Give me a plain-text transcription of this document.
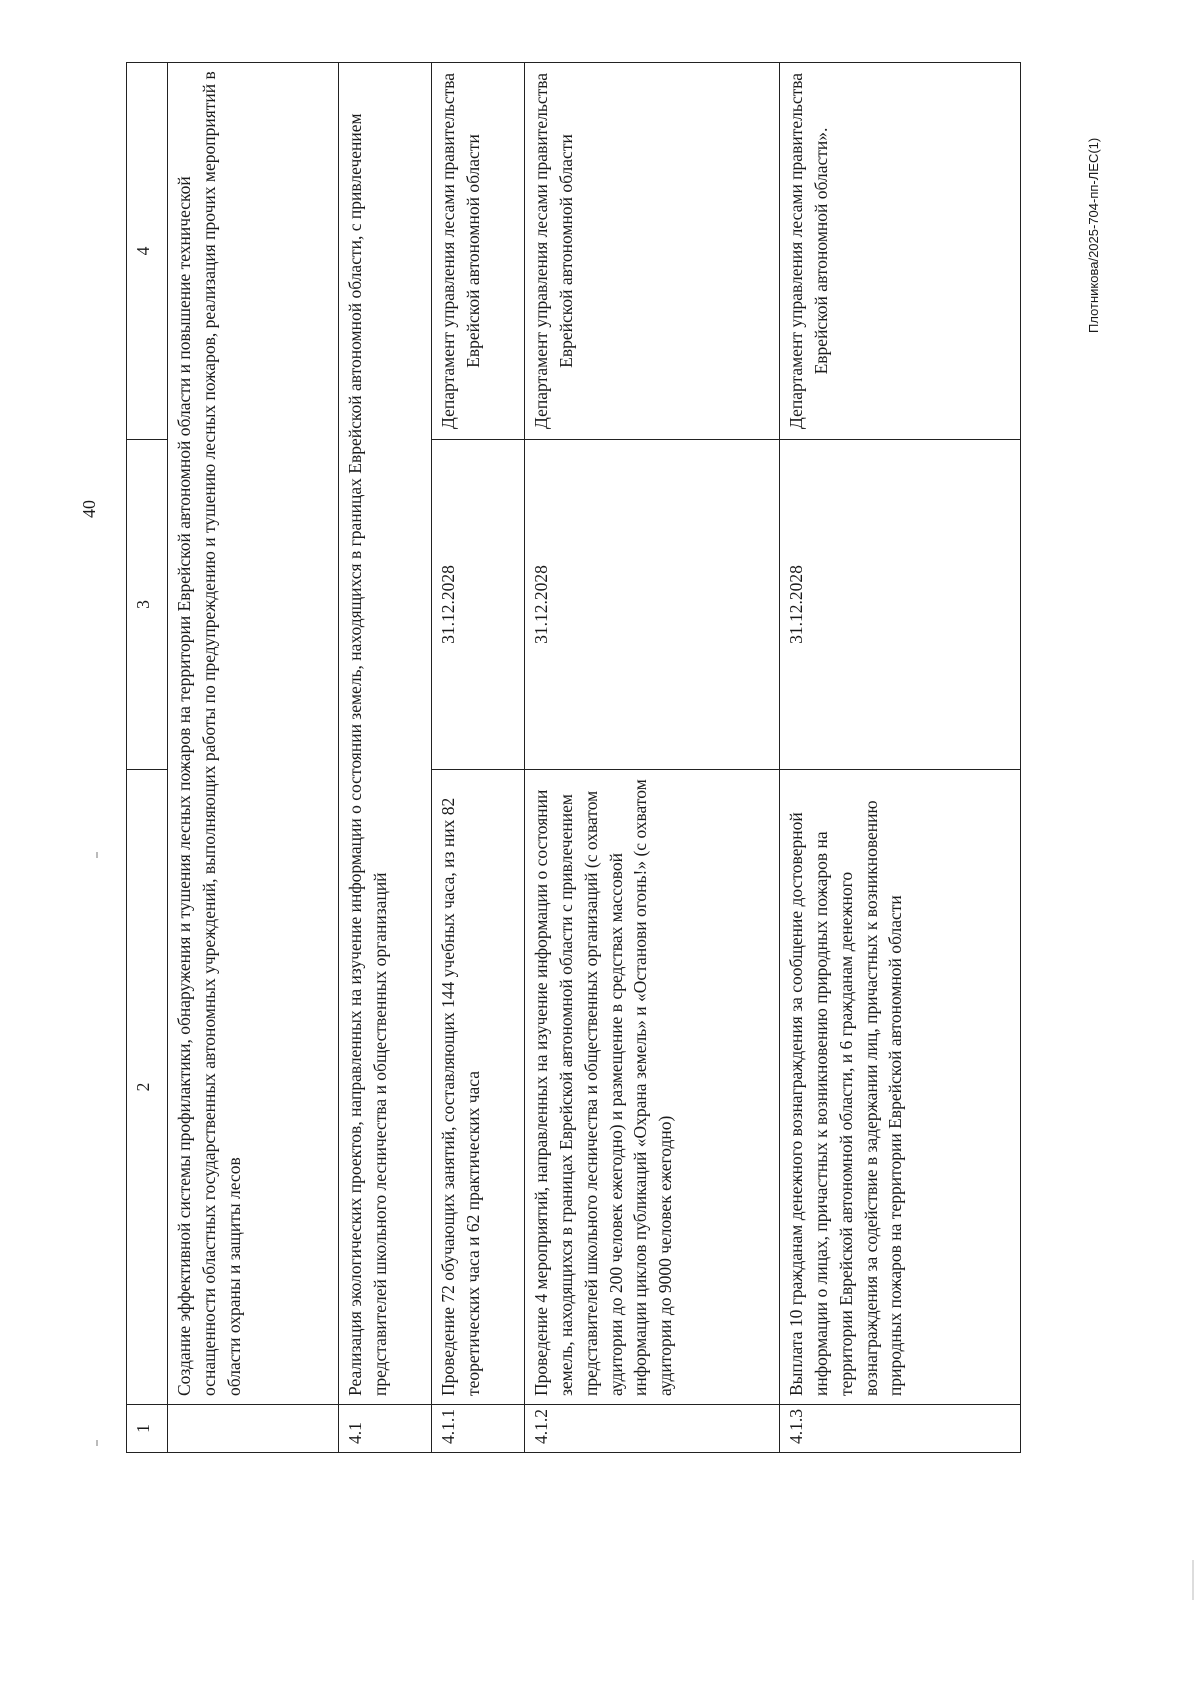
40
1	2	3	4
	Создание эффективной системы профилактики, обнаружения и тушения лесных пожаров на территории Еврейской автономной области и повышение технической оснащенности областных государственных автономных учреждений, выполняющих работы по предупреждению и тушению лесных пожаров, реализация прочих мероприятий в области охраны и защиты лесов		
4.1	Реализация экологических проектов, направленных на изучение информации о состоянии земель, находящихся в границах Еврейской автономной области, с привлечением представителей школьного лесничества и общественных организаций		
4.1.1	Проведение 72 обучающих занятий, составляющих 144 учебных часа, из них 82 теоретических часа и 62 практических часа	31.12.2028	Департамент управления лесами правительства Еврейской автономной области
4.1.2	Проведение 4 мероприятий, направленных на изучение информации о состоянии земель, находящихся в границах Еврейской автономной области с привлечением представителей школьного лесничества и общественных организаций (с охватом аудитории до 200 человек ежегодно) и размещение в средствах массовой информации циклов публикаций «Охрана земель» и «Останови огонь!» (с охватом аудитории до 9000 человек ежегодно)	31.12.2028	Департамент управления лесами правительства Еврейской автономной области
4.1.3	Выплата 10 гражданам денежного вознаграждения за сообщение достоверной информации о лицах, причастных к возникновению природных пожаров на территории Еврейской автономной области, и 6 гражданам денежного вознаграждения за содействие в задержании лиц, причастных к возникновению природных пожаров на территории Еврейской автономной области	31.12.2028	Департамент управления лесами правительства Еврейской автономной области».	Плотникова/2025-704-пп-ЛЕС(1)
